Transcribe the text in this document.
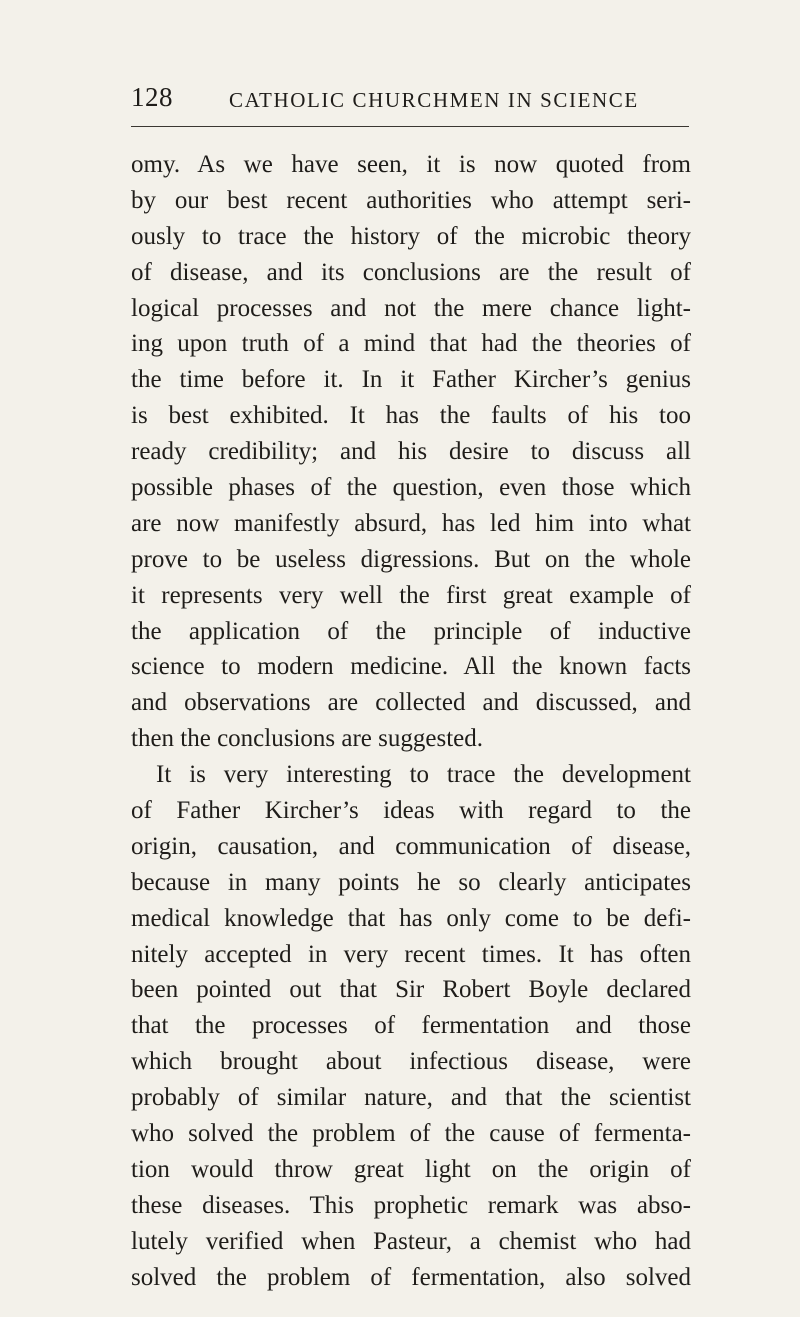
128	CATHOLIC CHURCHMEN IN SCIENCE
omy. As we have seen, it is now quoted from
by our best recent authorities who attempt seri-
ously to trace the history of the microbic theory
of disease, and its conclusions are the result of
logical processes and not the mere chance light-
ing upon truth of a mind that had the theories of
the time before it. In it Father Kircher’s genius
is best exhibited. It has the faults of his too
ready credibility; and his desire to discuss all
possible phases of the question, even those which
are now manifestly absurd, has led him into what
prove to be useless digressions. But on the whole
it represents very well the first great example of
the application of the principle of inductive
science to modern medicine. All the known facts
and observations are collected and discussed, and
then the conclusions are suggested.
It is very interesting to trace the development
of Father Kircher’s ideas with regard to the
origin, causation, and communication of disease,
because in many points he so clearly anticipates
medical knowledge that has only come to be defi-
nitely accepted in very recent times. It has often
been pointed out that Sir Robert Boyle declared
that the processes of fermentation and those
which brought about infectious disease, were
probably of similar nature, and that the scientist
who solved the problem of the cause of fermenta-
tion would throw great light on the origin of
these diseases. This prophetic remark was abso-
lutely verified when Pasteur, a chemist who had
solved the problem of fermentation, also solved
